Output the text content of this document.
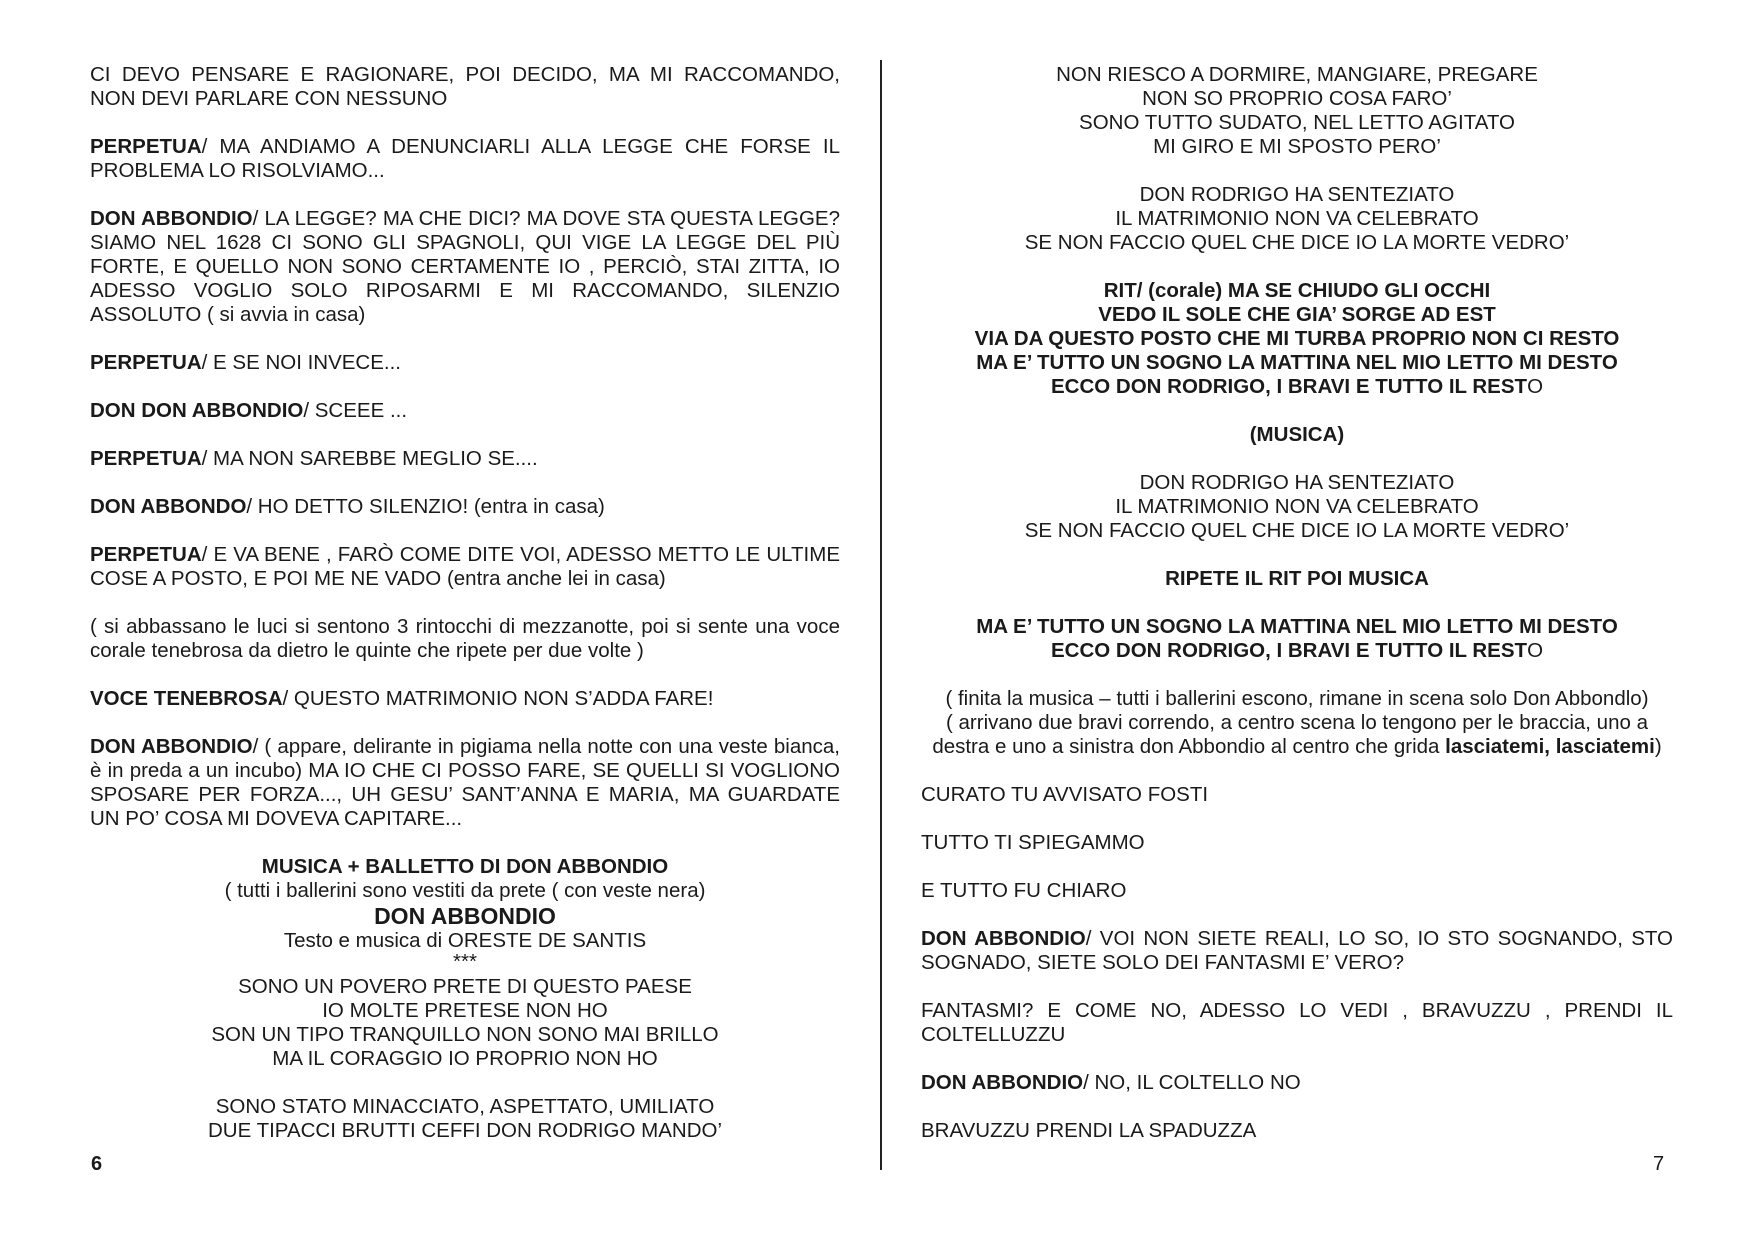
CI DEVO PENSARE E RAGIONARE, POI DECIDO, MA MI RACCOMANDO, NON DEVI PARLARE CON NESSUNO

PERPETUA/ MA ANDIAMO A DENUNCIARLI ALLA LEGGE CHE FORSE IL PROBLEMA LO RISOLVIAMO...

DON ABBONDIO/ LA LEGGE? MA CHE DICI? MA DOVE STA QUESTA LEGGE? SIAMO NEL 1628 CI SONO GLI SPAGNOLI, QUI VIGE LA LEGGE DEL PIÙ FORTE, E QUELLO NON SONO CERTAMENTE IO , PERCIÒ, STAI ZITTA, IO ADESSO VOGLIO SOLO RIPOSARMI E MI RACCOMANDO, SILENZIO ASSOLUTO ( si avvia in casa)

PERPETUA/ E SE NOI INVECE...

DON DON ABBONDIO/ SCEEE ...

PERPETUA/ MA NON SAREBBE MEGLIO SE....

DON ABBONDO/ HO DETTO SILENZIO! (entra in casa)

PERPETUA/ E VA BENE , FARÒ COME DITE VOI, ADESSO METTO LE ULTIME COSE A POSTO, E POI ME NE VADO (entra anche lei in casa)

( si abbassano le luci si sentono 3 rintocchi di mezzanotte, poi si sente una voce corale tenebrosa da dietro le quinte che ripete per due volte )

VOCE TENEBROSA/ QUESTO MATRIMONIO NON S’ADDA FARE!

DON ABBONDIO/ ( appare, delirante in pigiama nella notte con una veste bianca, è in preda a un incubo) MA IO CHE CI POSSO FARE, SE QUELLI SI VOGLIONO SPOSARE PER FORZA..., UH GESU’ SANT’ANNA E MARIA, MA GUARDATE UN PO’ COSA MI DOVEVA CAPITARE...

MUSICA + BALLETTO DI DON ABBONDIO
( tutti i ballerini sono vestiti da prete ( con veste nera)
DON ABBONDIO
Testo e musica di ORESTE DE SANTIS
***
SONO UN POVERO PRETE DI QUESTO PAESE
IO MOLTE PRETESE NON HO
SON UN TIPO TRANQUILLO NON SONO MAI BRILLO
MA IL CORAGGIO IO PROPRIO NON HO
SONO STATO MINACCIATO, ASPETTATO, UMILIATO
DUE TIPACCI BRUTTI CEFFI DON RODRIGO MANDO’
6
NON RIESCO A DORMIRE, MANGIARE, PREGARE
NON SO PROPRIO COSA FARO’
SONO TUTTO SUDATO, NEL LETTO AGITATO
MI GIRO E MI SPOSTO PERO’
DON RODRIGO HA SENTEZIATO
IL MATRIMONIO NON VA CELEBRATO
SE NON FACCIO QUEL CHE DICE IO LA MORTE VEDRO’
RIT/ (corale) MA SE CHIUDO GLI OCCHI
VEDO IL SOLE CHE GIA’ SORGE AD EST
VIA DA QUESTO POSTO CHE MI TURBA PROPRIO NON CI RESTO
MA E’ TUTTO UN SOGNO LA MATTINA NEL MIO LETTO MI DESTO
ECCO DON RODRIGO, I BRAVI E TUTTO IL RESTO
(MUSICA)
DON RODRIGO HA SENTEZIATO
IL MATRIMONIO NON VA CELEBRATO
SE NON FACCIO QUEL CHE DICE IO LA MORTE VEDRO’
RIPETE IL RIT POI MUSICA
MA E’ TUTTO UN SOGNO LA MATTINA NEL MIO LETTO MI DESTO
ECCO DON RODRIGO, I BRAVI E TUTTO IL RESTO
( finita la musica – tutti i ballerini escono, rimane in scena solo Don Abbondlo)
( arrivano due bravi correndo, a centro scena lo tengono per le braccia, uno a
destra e uno a sinistra don Abbondio al centro che grida lasciatemi, lasciatemi)

CURATO TU AVVISATO FOSTI

TUTTO TI SPIEGAMMO

E TUTTO FU CHIARO

DON ABBONDIO/ VOI NON SIETE REALI, LO SO, IO STO SOGNANDO, STO SOGNADO, SIETE SOLO DEI FANTASMI E’ VERO?

FANTASMI? E COME NO, ADESSO LO VEDI , BRAVUZZU , PRENDI IL COLTELLUZZU

DON ABBONDIO/ NO, IL COLTELLO NO

BRAVUZZU PRENDI LA SPADUZZA

7
